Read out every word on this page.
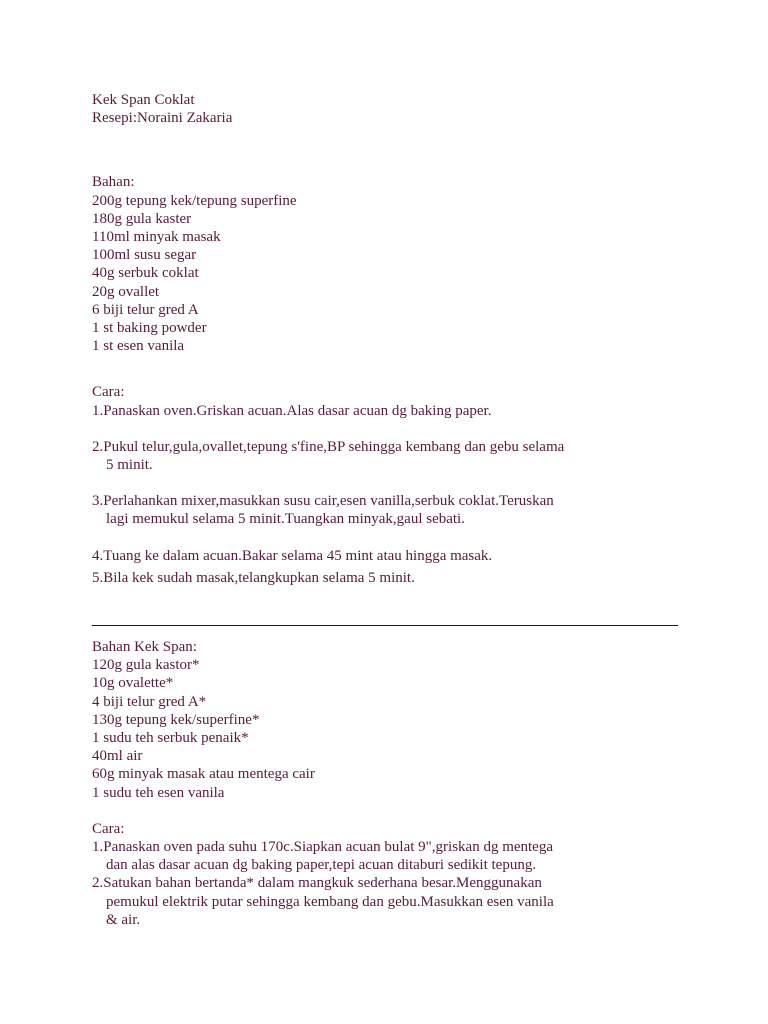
Kek Span Coklat
Resepi:Noraini Zakaria
Bahan:
200g tepung kek/tepung superfine
180g gula kaster
110ml minyak masak
100ml susu segar
40g serbuk coklat
20g ovallet
6 biji telur gred A
1 st baking powder
1 st esen vanila
Cara:
1.Panaskan oven.Griskan acuan.Alas dasar acuan dg baking paper.
2.Pukul telur,gula,ovallet,tepung s'fine,BP sehingga kembang dan gebu selama
5 minit.
3.Perlahankan mixer,masukkan susu cair,esen vanilla,serbuk coklat.Teruskan
lagi memukul selama 5 minit.Tuangkan minyak,gaul sebati.
4.Tuang ke dalam acuan.Bakar selama 45 mint atau hingga masak.
5.Bila kek sudah masak,telangkupkan selama 5 minit.
Bahan Kek Span:
120g gula kastor*
10g ovalette*
4 biji telur gred A*
130g tepung kek/superfine*
1 sudu teh serbuk penaik*
40ml air
60g minyak masak atau mentega cair
1 sudu teh esen vanila
Cara:
1.Panaskan oven pada suhu 170c.Siapkan acuan bulat 9",griskan dg mentega
dan alas dasar acuan dg baking paper,tepi acuan ditaburi sedikit tepung.
2.Satukan bahan bertanda* dalam mangkuk sederhana besar.Menggunakan
pemukul elektrik putar sehingga kembang dan gebu.Masukkan esen vanila
& air.
